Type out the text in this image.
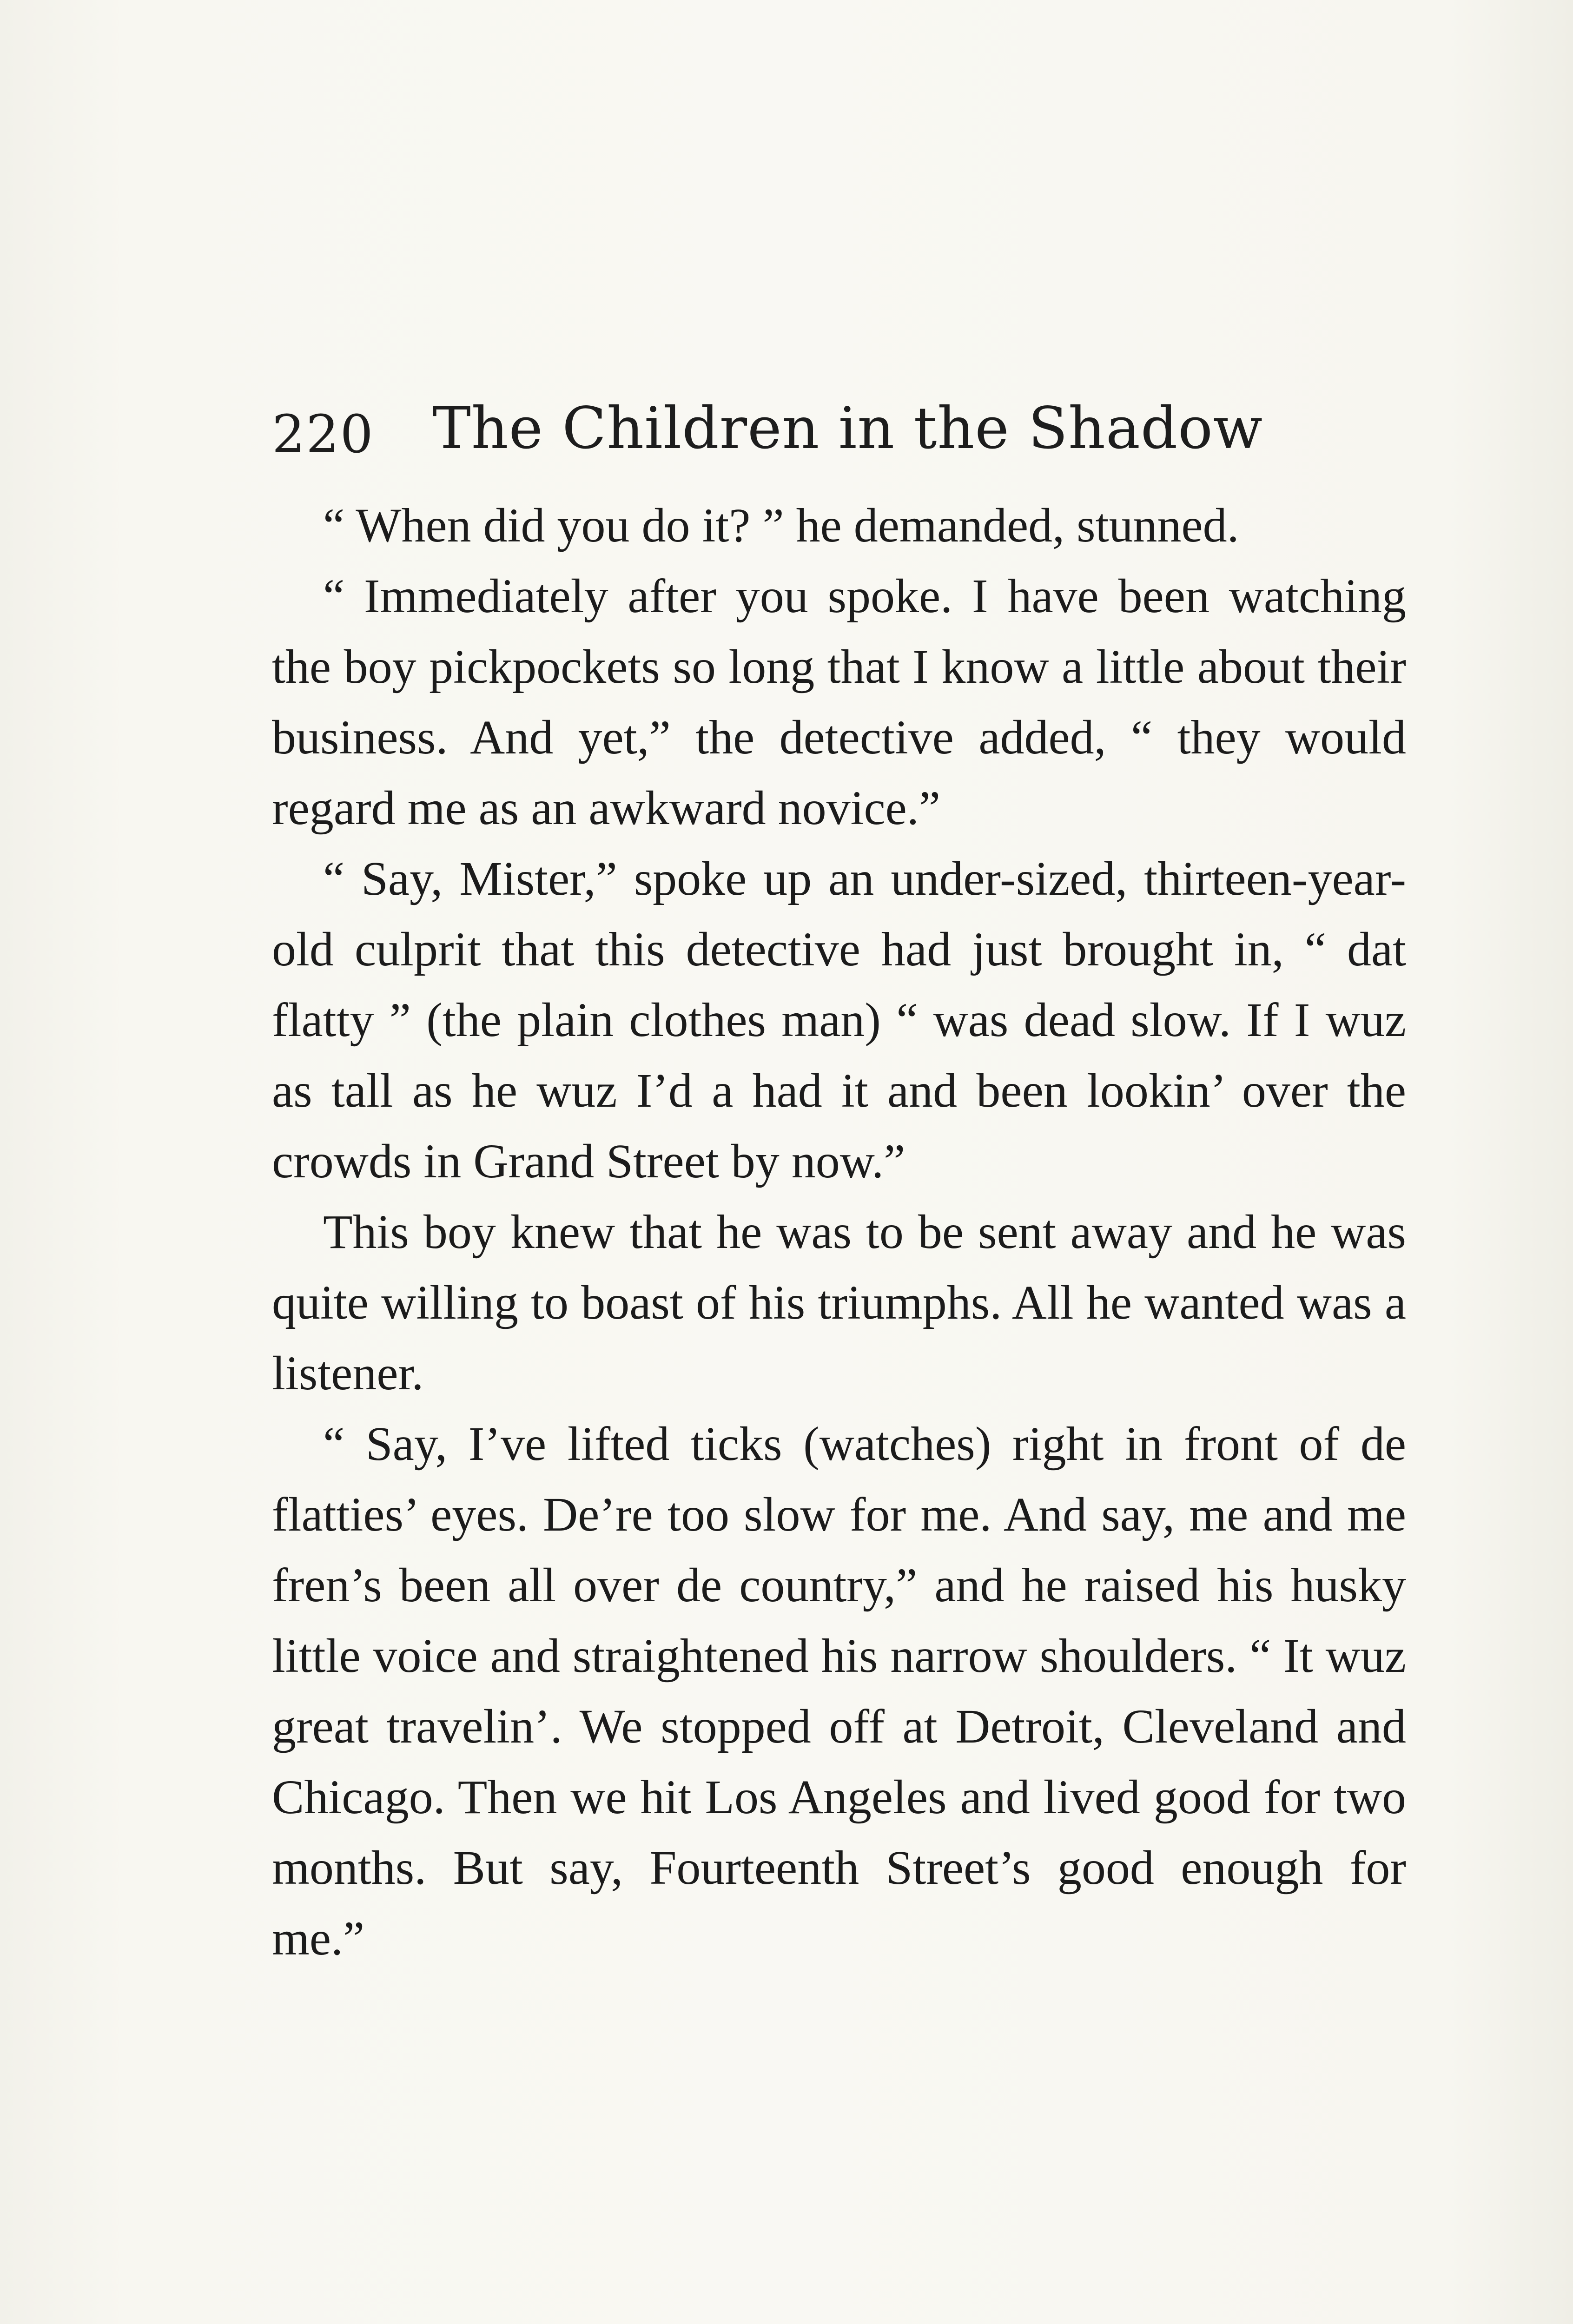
220 The Children in the Shadow

“ When did you do it? ” he demanded, stunned.

“ Immediately after you spoke. I have been watching the boy pickpockets so long that I know a little about their business. And yet,” the detective added, “ they would regard me as an awkward novice.”

“ Say, Mister,” spoke up an under-sized, thirteen-year-old culprit that this detective had just brought in, “ dat flatty ” (the plain clothes man) “ was dead slow. If I wuz as tall as he wuz I’d a had it and been lookin’ over the crowds in Grand Street by now.”

This boy knew that he was to be sent away and he was quite willing to boast of his triumphs. All he wanted was a listener.

“ Say, I’ve lifted ticks (watches) right in front of de flatties’ eyes. De’re too slow for me. And say, me and me fren’s been all over de country,” and he raised his husky little voice and straightened his narrow shoulders. “ It wuz great travelin’. We stopped off at Detroit, Cleveland and Chicago. Then we hit Los Angeles and lived good for two months. But say, Fourteenth Street’s good enough for me.”
